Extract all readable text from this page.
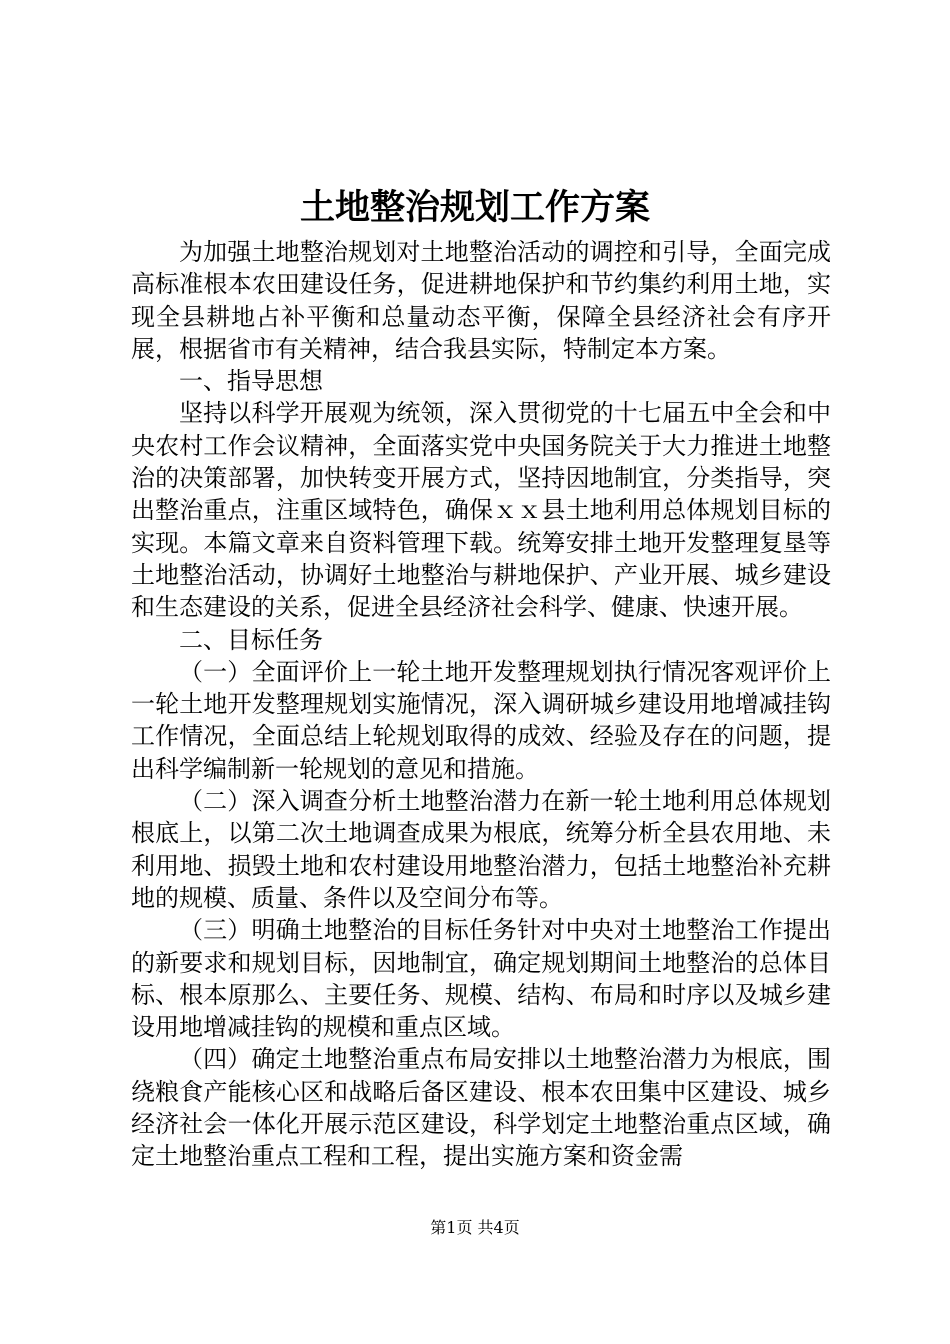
土地整治规划工作方案

为加强土地整治规划对土地整治活动的调控和引导，全面完成高标准根本农田建设任务，促进耕地保护和节约集约利用土地，实现全县耕地占补平衡和总量动态平衡，保障全县经济社会有序开展，根据省市有关精神，结合我县实际，特制定本方案。

一、指导思想

坚持以科学开展观为统领，深入贯彻党的十七届五中全会和中央农村工作会议精神，全面落实党中央国务院关于大力推进土地整治的决策部署，加快转变开展方式，坚持因地制宜，分类指导，突出整治重点，注重区域特色，确保ｘｘ县土地利用总体规划目标的实现。本篇文章来自资料管理下载。统筹安排土地开发整理复垦等土地整治活动，协调好土地整治与耕地保护、产业开展、城乡建设和生态建设的关系，促进全县经济社会科学、健康、快速开展。

二、目标任务

（一）全面评价上一轮土地开发整理规划执行情况客观评价上一轮土地开发整理规划实施情况，深入调研城乡建设用地增减挂钩工作情况，全面总结上轮规划取得的成效、经验及存在的问题，提出科学编制新一轮规划的意见和措施。

（二）深入调查分析土地整治潜力在新一轮土地利用总体规划根底上，以第二次土地调查成果为根底，统筹分析全县农用地、未利用地、损毁土地和农村建设用地整治潜力，包括土地整治补充耕地的规模、质量、条件以及空间分布等。

（三）明确土地整治的目标任务针对中央对土地整治工作提出的新要求和规划目标，因地制宜，确定规划期间土地整治的总体目标、根本原那么、主要任务、规模、结构、布局和时序以及城乡建设用地增减挂钩的规模和重点区域。

（四）确定土地整治重点布局安排以土地整治潜力为根底，围绕粮食产能核心区和战略后备区建设、根本农田集中区建设、城乡经济社会一体化开展示范区建设，科学划定土地整治重点区域，确定土地整治重点工程和工程，提出实施方案和资金需

第1页 共4页
